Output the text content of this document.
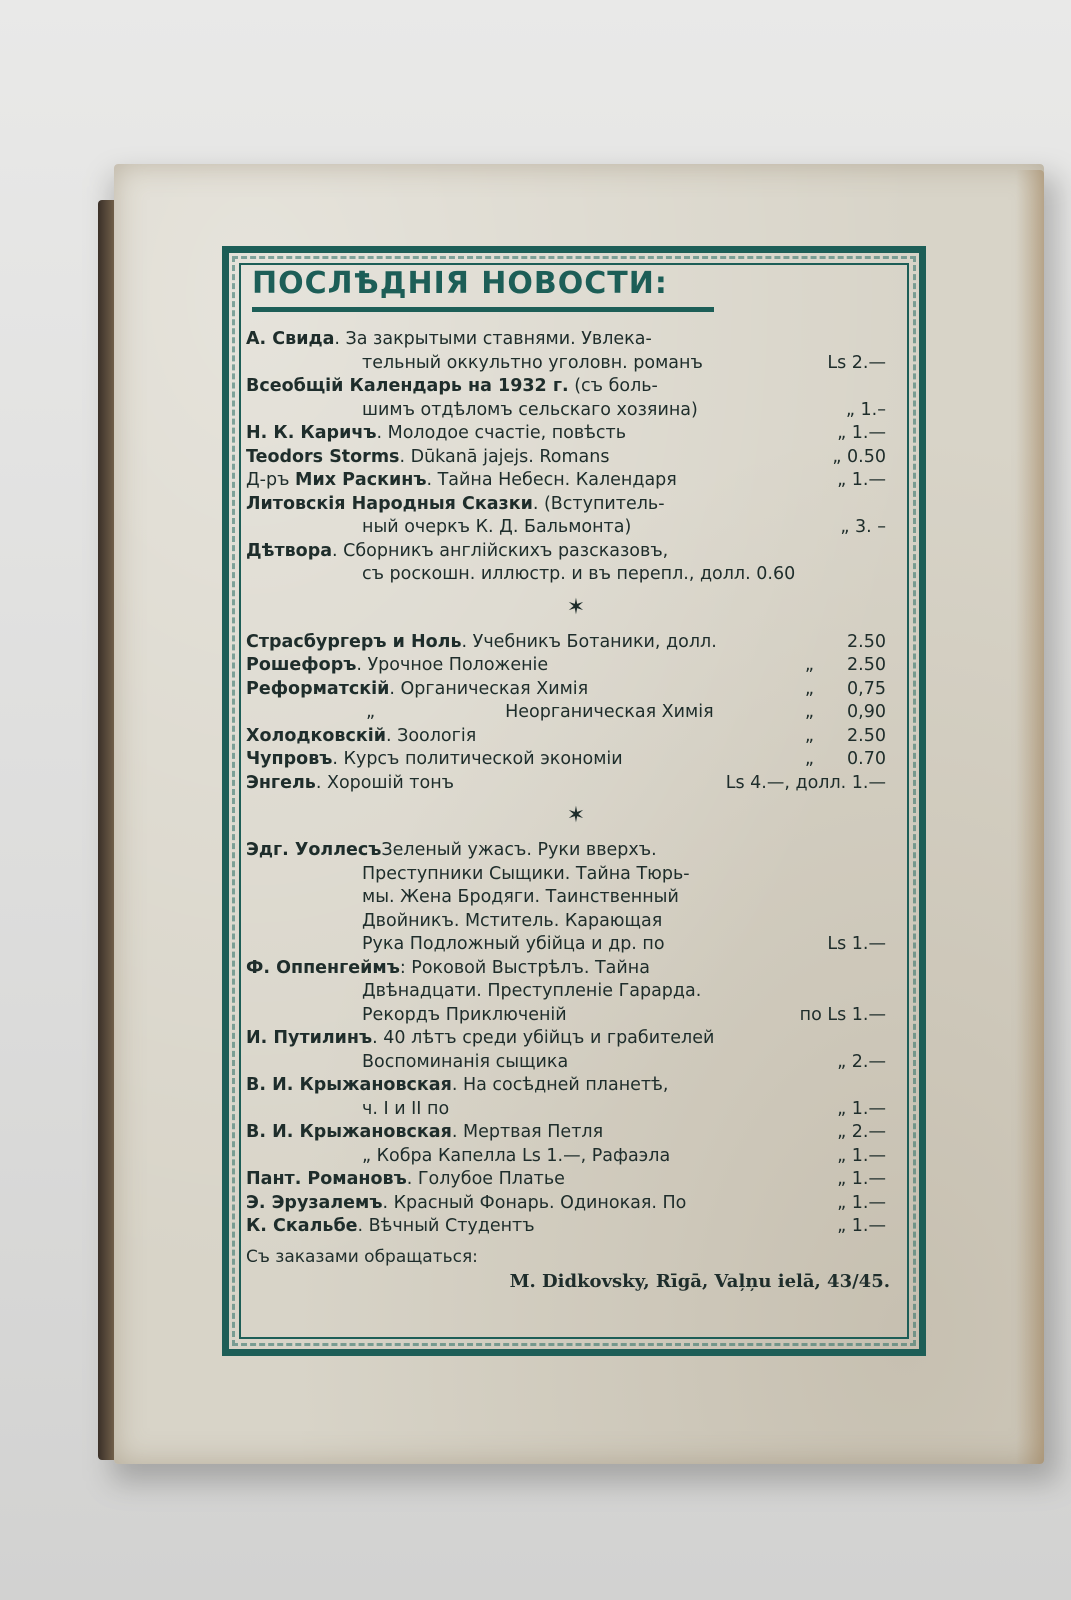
ПОСЛѢДНІЯ НОВОСТИ:
А. Свида. За закрытыми ставнями. Увлека-
тельный оккультно уголовн. романъ	Ls 2.—
Всеобщій Календарь на 1932 г. (съ боль-
шимъ отдѣломъ сельскаго хозяина)	„ 1.–
Н. К. Каричъ. Молодое счастіе, повѣсть	„ 1.—
Teodors Storms. Dūkanā jajejs. Romans	„ 0.50
Д-ръ Мих Раскинъ. Тайна Небесн. Календаря	„ 1.—
Литовскія Народныя Сказки. (Вступитель-
ный очеркъ К. Д. Бальмонта)	„ 3. –
Дѣтвора. Сборникъ англійскихъ разсказовъ,
съ роскошн. иллюстр. и въ перепл., долл. 0.60
✶
Страсбургеръ и Ноль. Учебникъ Ботаники, долл.	2.50
Рошефоръ. Урочное Положеніе	„ 2.50
Реформатскій. Органическая Химія	„ 0,75
„	Неорганическая Химія	„ 0,90
Холодковскій. Зоологія	„ 2.50
Чупровъ. Курсъ политической экономіи	„ 0.70
Энгель. Хорошій тонъ	Ls 4.—, долл. 1.—
✶
Эдг. УоллесъЗеленый ужасъ. Руки вверхъ.
Преступники Сыщики. Тайна Тюрь-
мы. Жена Бродяги. Таинственный
Двойникъ. Мститель. Карающая
Рука Подложный убійца и др. по	Ls 1.—
Ф. Оппенгеймъ: Роковой Выстрѣлъ. Тайна
Двѣнадцати. Преступленіе Гарарда.
Рекордъ Приключеній	по Ls 1.—
И. Путилинъ. 40 лѣтъ среди убійцъ и грабителей
Воспоминанія сыщика	„ 2.—
В. И. Крыжановская. На сосѣдней планетѣ,
ч. I и II по	„ 1.—
В. И. Крыжановская. Мертвая Петля	„ 2.—
„ Кобра Капелла Ls 1.—, Рафаэла	„ 1.—
Пант. Романовъ. Голубое Платье	„ 1.—
Э. Эрузалемъ. Красный Фонарь. Одинокая. По	„ 1.—
К. Скальбе. Вѣчный Студентъ	„ 1.—
Съ заказами обращаться:
M. Didkovsky, Rīgā, Vaļņu ielā, 43/45.
